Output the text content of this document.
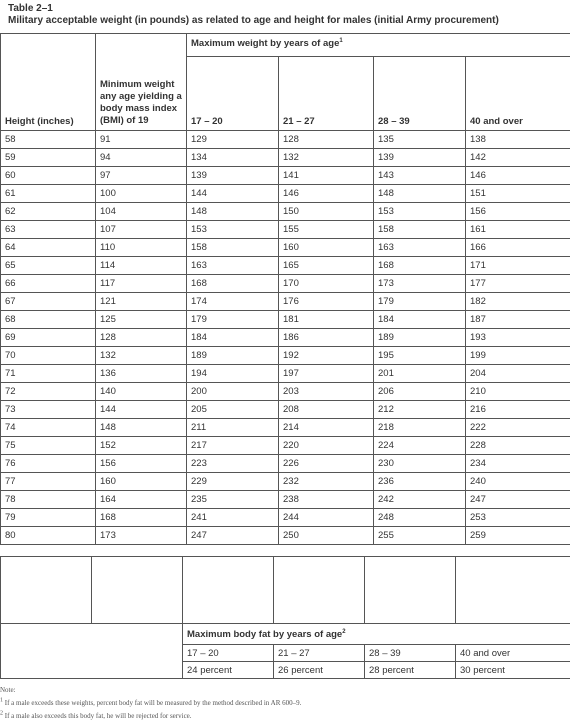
Table 2–1
Military acceptable weight (in pounds) as related to age and height for males (initial Army procurement)
Height (inches)	Minimum weight any age yielding a body mass index (BMI) of 19	Maximum weight by years of age$^1$
		17 – 20	21 – 27	28 – 39	40 and over
58	91	129	128	135	138
59	94	134	132	139	142
60	97	139	141	143	146
61	100	144	146	148	151
62	104	148	150	153	156
63	107	153	155	158	161
64	110	158	160	163	166
65	114	163	165	168	171
66	117	168	170	173	177
67	121	174	176	179	182
68	125	179	181	184	187
69	128	184	186	189	193
70	132	189	192	195	199
71	136	194	197	201	204
72	140	200	203	206	210
73	144	205	208	212	216
74	148	211	214	218	222
75	152	217	220	224	228
76	156	223	226	230	234
77	160	229	232	236	240
78	164	235	238	242	247
79	168	241	244	248	253
80	173	247	250	255	259

		Maximum body fat by years of age$^2$
		17 – 20	21 – 27	28 – 39	40 and over
		24 percent	26 percent	28 percent	30 percent
Note:
$^1$ If a male exceeds these weights, percent body fat will be measured by the method described in AR 600–9.
$^2$ If a male also exceeds this body fat, he will be rejected for service.
